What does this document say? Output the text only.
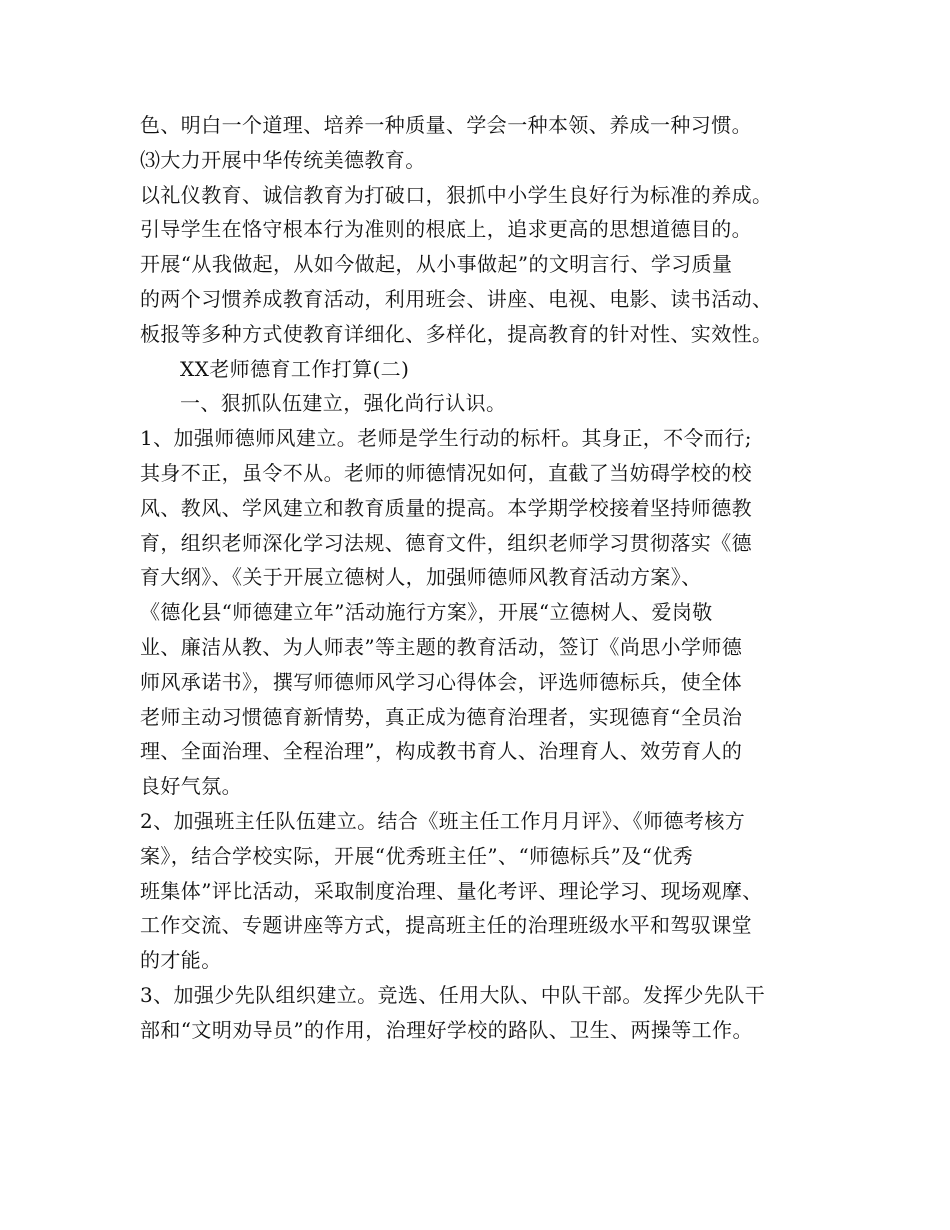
色、明白一个道理、培养一种质量、学会一种本领、养成一种习惯。
⑶大力开展中华传统美德教育。
以礼仪教育、诚信教育为打破口，狠抓中小学生良好行为标准的养成。
引导学生在恪守根本行为准则的根底上，追求更高的思想道德目的。
开展“从我做起，从如今做起，从小事做起”的文明言行、学习质量
的两个习惯养成教育活动，利用班会、讲座、电视、电影、读书活动、
板报等多种方式使教育详细化、多样化，提高教育的针对性、实效性。
XX老师德育工作打算(二)
一、狠抓队伍建立，强化尚行认识。
1、加强师德师风建立。老师是学生行动的标杆。其身正，不令而行;
其身不正，虽令不从。老师的师德情况如何，直截了当妨碍学校的校
风、教风、学风建立和教育质量的提高。本学期学校接着坚持师德教
育，组织老师深化学习法规、德育文件，组织老师学习贯彻落实《德
育大纲》、《关于开展立德树人，加强师德师风教育活动方案》、
《德化县“师德建立年”活动施行方案》，开展“立德树人、爱岗敬
业、廉洁从教、为人师表”等主题的教育活动，签订《尚思小学师德
师风承诺书》，撰写师德师风学习心得体会，评选师德标兵，使全体
老师主动习惯德育新情势，真正成为德育治理者，实现德育“全员治
理、全面治理、全程治理”，构成教书育人、治理育人、效劳育人的
良好气氛。
2、加强班主任队伍建立。结合《班主任工作月月评》、《师德考核方
案》，结合学校实际，开展“优秀班主任”、“师德标兵”及“优秀
班集体”评比活动，采取制度治理、量化考评、理论学习、现场观摩、
工作交流、专题讲座等方式，提高班主任的治理班级水平和驾驭课堂
的才能。
3、加强少先队组织建立。竞选、任用大队、中队干部。发挥少先队干
部和“文明劝导员”的作用，治理好学校的路队、卫生、两操等工作。
